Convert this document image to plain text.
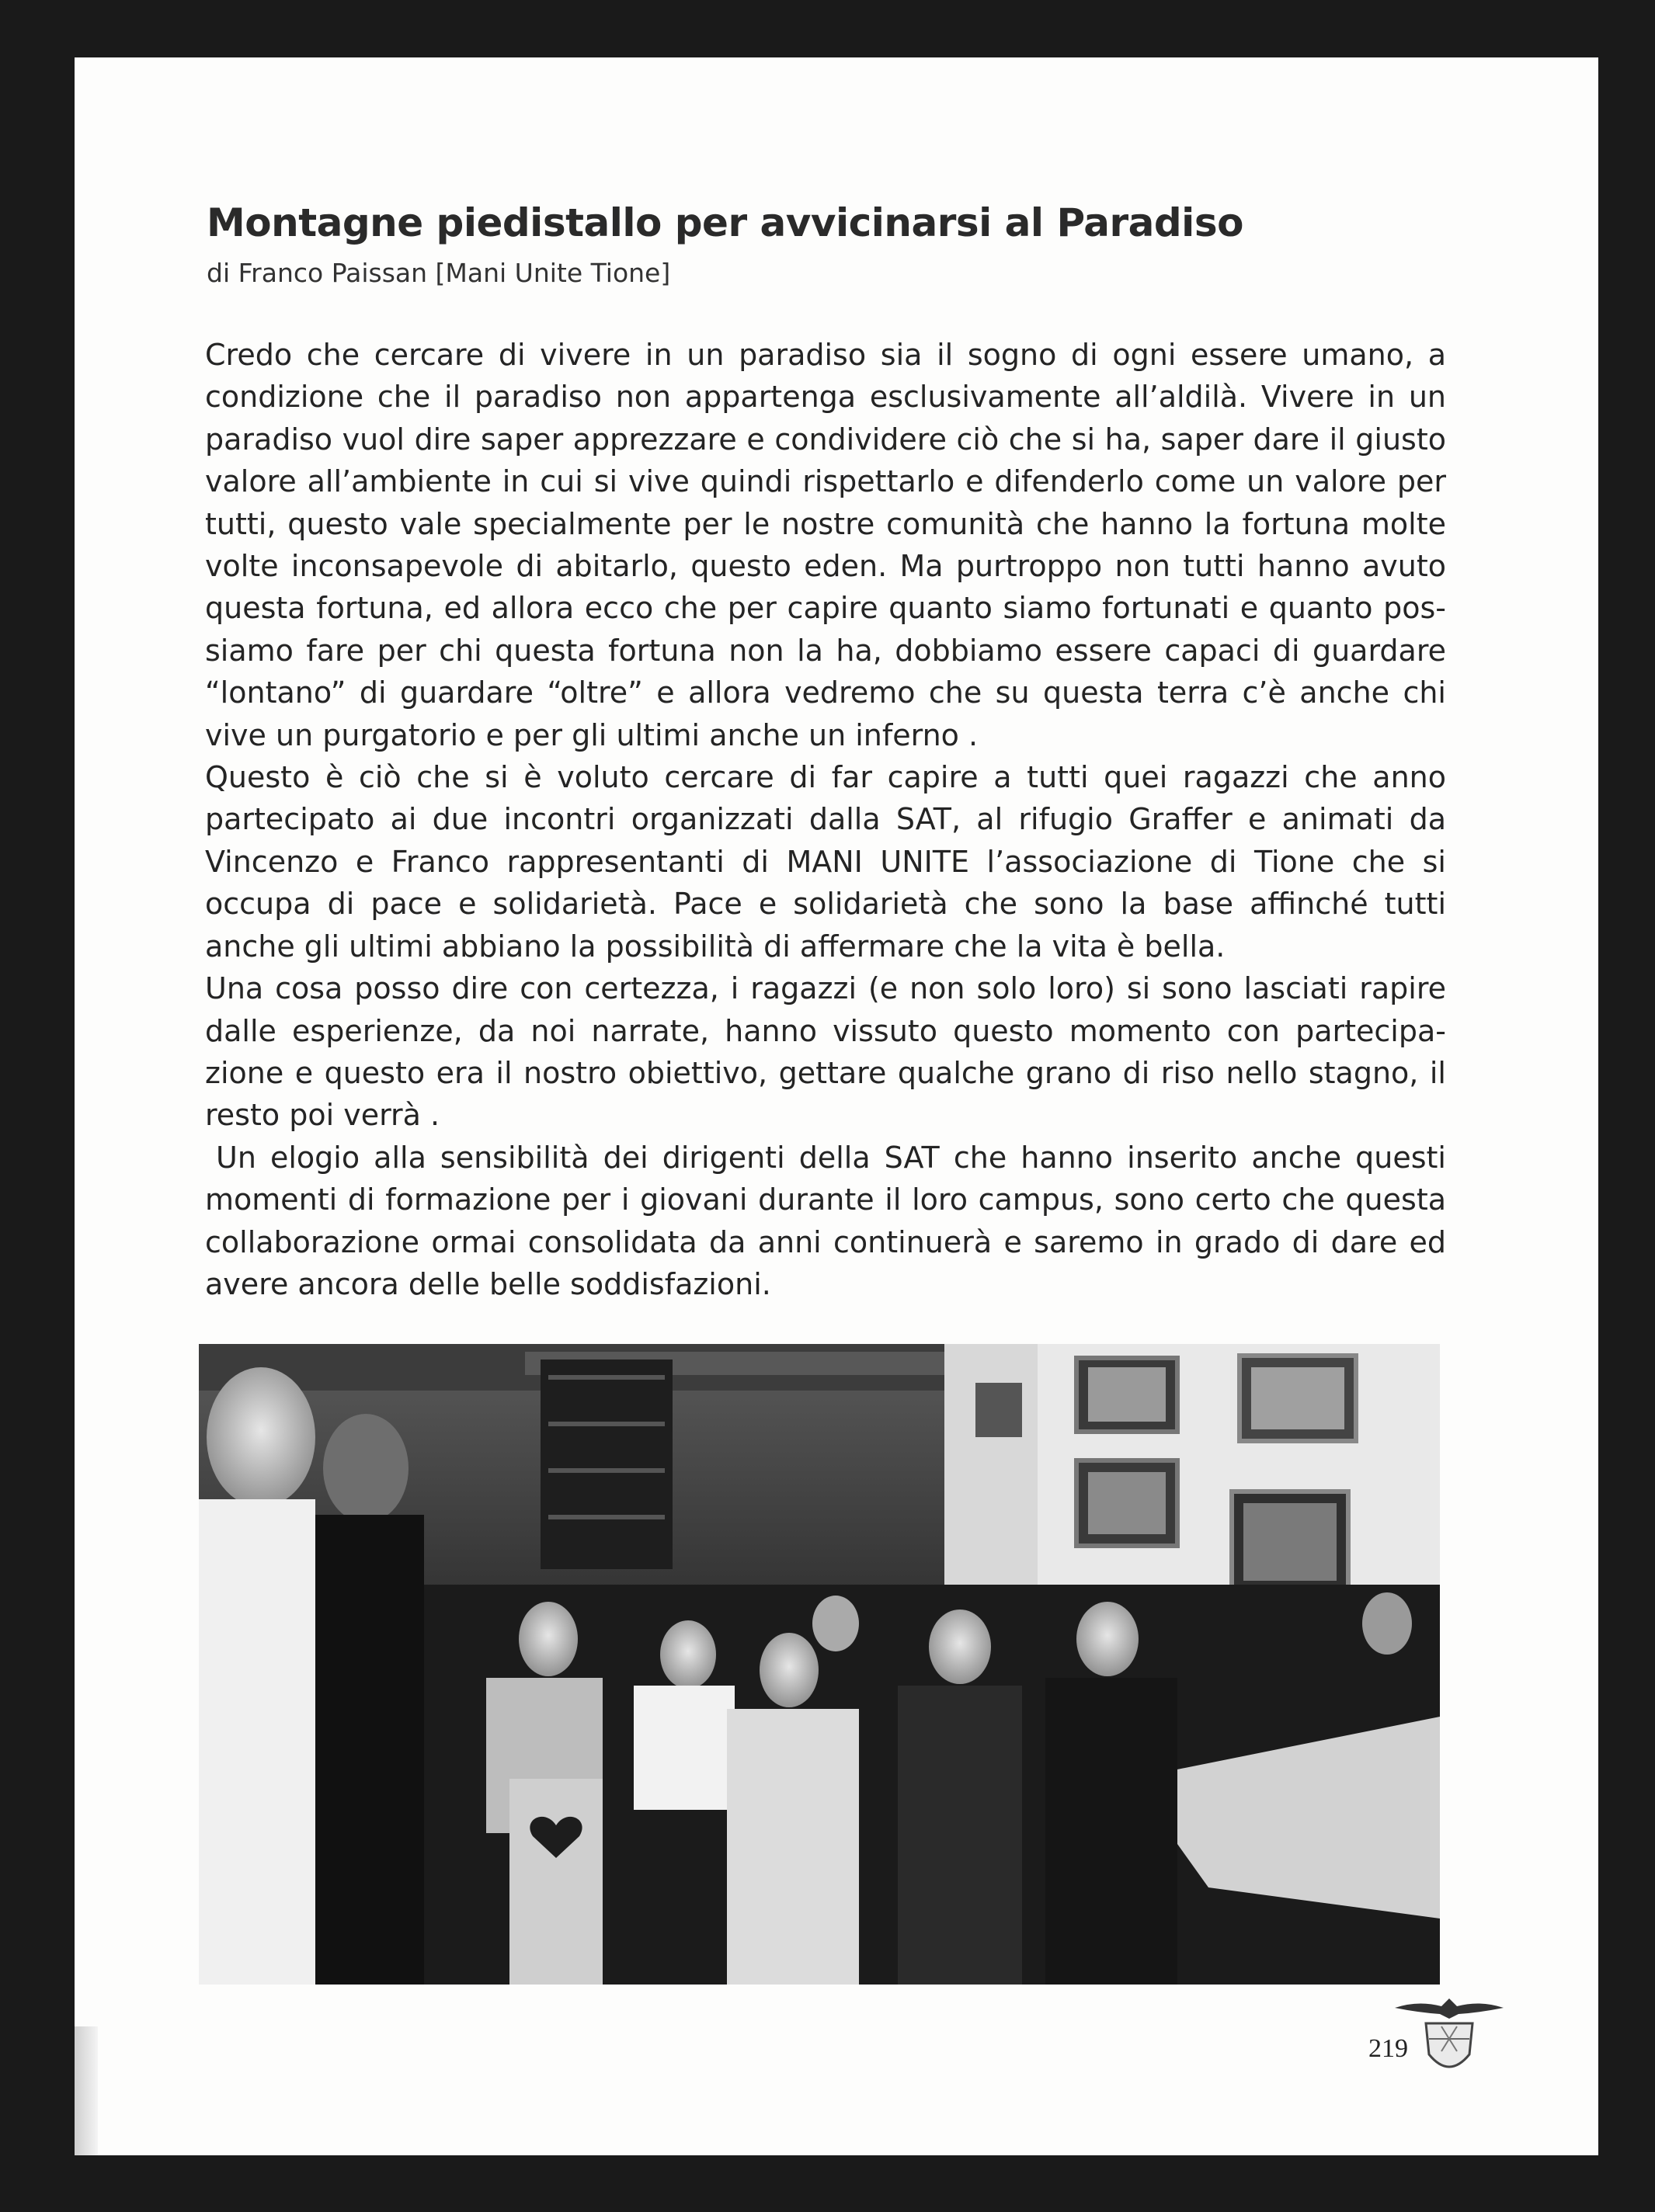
Montagne piedistallo per avvicinarsi al Paradiso
di Franco Paissan [Mani Unite Tione]

Credo che cercare di vivere in un paradiso sia il sogno di ogni essere umano, a condizione che il paradiso non appartenga esclusivamente all’aldilà. Vivere in un paradiso vuol dire saper apprezzare e condividere ciò che si ha, saper dare il giusto valore all’ambiente in cui si vive quindi rispettarlo e difenderlo come un valore per tutti, questo vale specialmente per le nostre comunità che hanno la fortuna molte volte inconsapevole di abitarlo, questo eden. Ma purtroppo non tutti hanno avuto questa fortuna, ed allora ecco che per capire quanto siamo fortunati e quanto possiamo fare per chi questa fortuna non la ha, dobbiamo essere capaci di guardare “lontano” di guardare “oltre” e allora vedremo che su questa terra c’è anche chi vive un purgatorio e per gli ultimi anche un inferno .

Questo è ciò che si è voluto cercare di far capire a tutti quei ragazzi che anno partecipato ai due incontri organizzati dalla SAT, al rifugio Graffer e animati da Vincenzo e Franco rappresentanti di MANI UNITE l’associazione di Tione che si occupa di pace e solidarietà. Pace e solidarietà che sono la base affinché tutti anche gli ultimi abbiano la possibilità di affermare che la vita è bella.

Una cosa posso dire con certezza, i ragazzi (e non solo loro) si sono lasciati rapire dalle esperienze, da noi narrate, hanno vissuto questo momento con partecipazione e questo era il nostro obiettivo, gettare qualche grano di riso nello stagno, il resto poi verrà .

Un elogio alla sensibilità dei dirigenti della SAT che hanno inserito anche questi momenti di formazione per i giovani durante il loro campus, sono certo che questa collaborazione ormai consolidata da anni continuerà e saremo in grado di dare ed avere ancora delle belle soddisfazioni.

219
